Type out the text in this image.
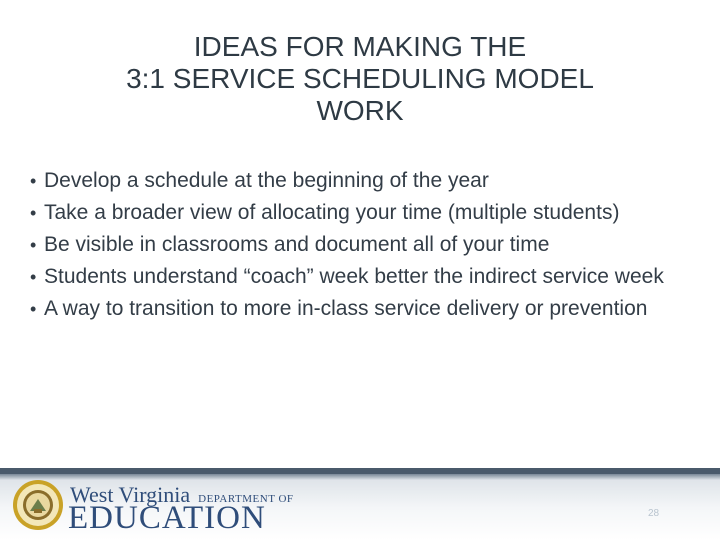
IDEAS FOR MAKING THE
3:1 SERVICE SCHEDULING MODEL
WORK
• Develop a schedule at the beginning of the year
• Take a broader view of allocating your time (multiple students)
• Be visible in classrooms and document all of your time
• Students understand “coach” week better the indirect service week
• A way to transition to more in-class service delivery or prevention
West Virginia DEPARTMENT OF
EDUCATION	28
